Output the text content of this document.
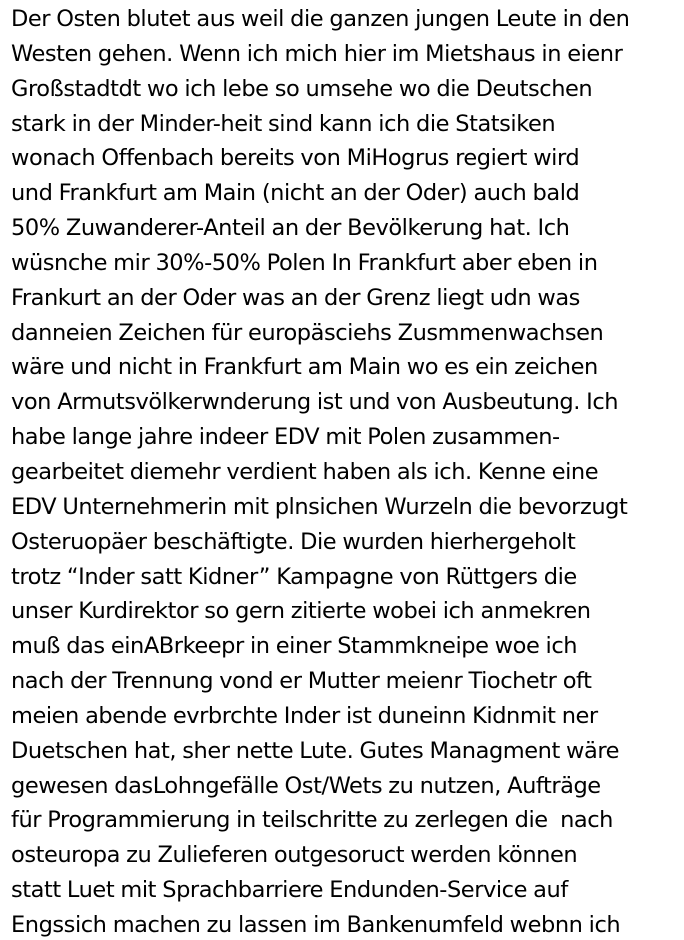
Der Osten blutet aus weil die ganzen jungen Leute in den
Westen gehen. Wenn ich mich hier im Mietshaus in eienr
Großstadtdt wo ich lebe so umsehe wo die Deutschen
stark in der Minder-heit sind kann ich die Statsiken
wonach Offenbach bereits von MiHogrus regiert wird
und Frankfurt am Main (nicht an der Oder) auch bald
50% Zuwanderer-Anteil an der Bevölkerung hat. Ich
wüsnche mir 30%-50% Polen In Frankfurt aber eben in
Frankurt an der Oder was an der Grenz liegt udn was
danneien Zeichen für europäsciehs Zusmmenwachsen
wäre und nicht in Frankfurt am Main wo es ein zeichen
von Armutsvölkerwnderung ist und von Ausbeutung. Ich
habe lange jahre indeer EDV mit Polen zusammen-
gearbeitet diemehr verdient haben als ich. Kenne eine
EDV Unternehmerin mit plnsichen Wurzeln die bevorzugt
Osteruopäer beschäftigte. Die wurden hierhergeholt
trotz “Inder satt Kidner” Kampagne von Rüttgers die
unser Kurdirektor so gern zitierte wobei ich anmekren
muß das einABrkeepr in einer Stammkneipe woe ich
nach der Trennung vond er Mutter meienr Tiochetr oft
meien abende evrbrchte Inder ist duneinn Kidnmit ner
Duetschen hat, sher nette Lute. Gutes Managment wäre
gewesen dasLohngefälle Ost/Wets zu nutzen, Aufträge
für Programmierung in teilschritte zu zerlegen die  nach
osteuropa zu Zulieferen outgesoruct werden können
statt Luet mit Sprachbarriere Endunden-Service auf
Engssich machen zu lassen im Bankenumfeld webnn ich
